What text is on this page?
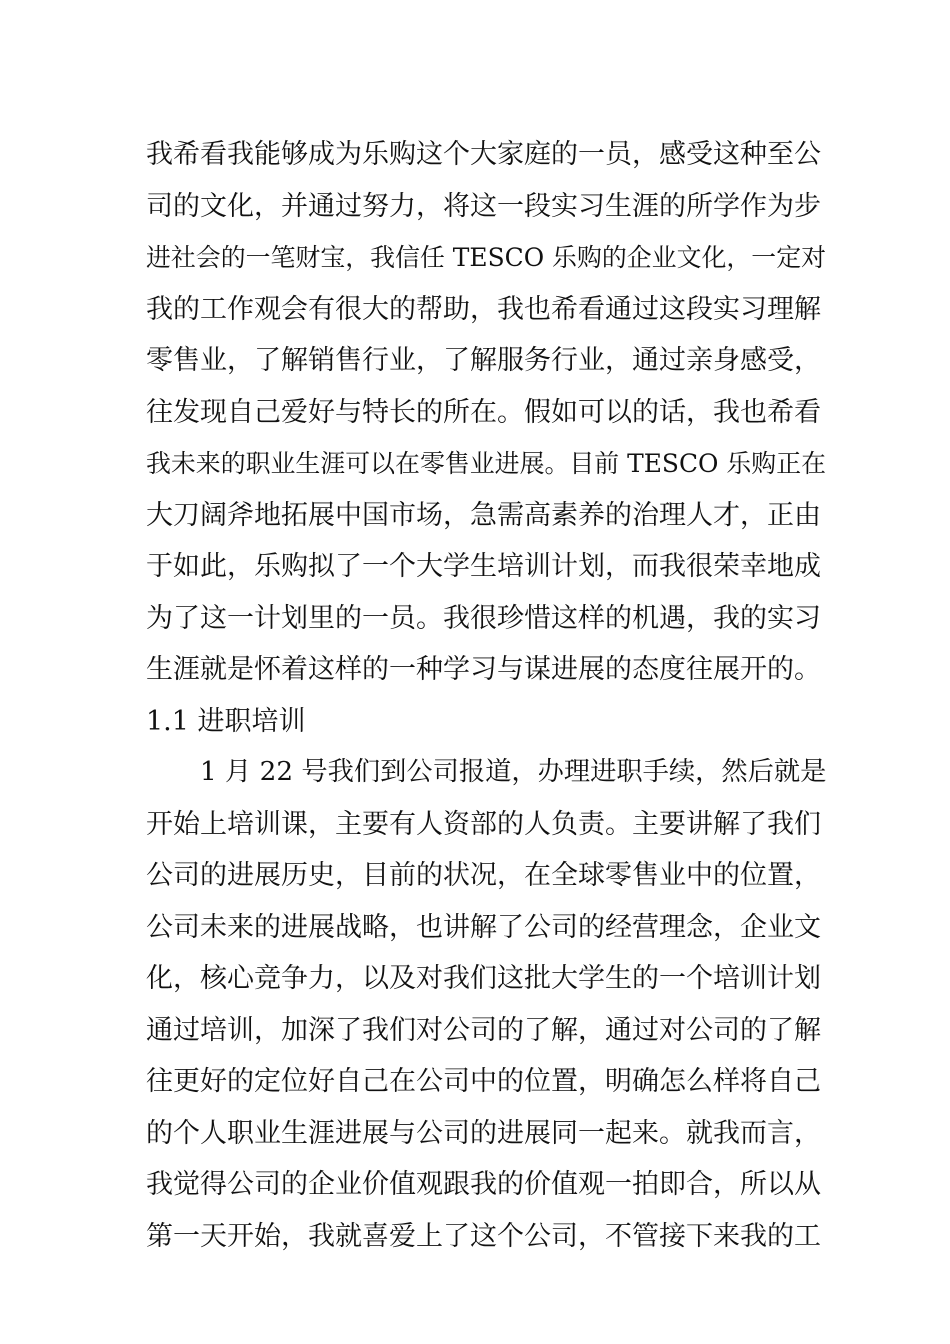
我希看我能够成为乐购这个大家庭的一员，感受这种至公
司的文化，并通过努力，将这一段实习生涯的所学作为步
进社会的一笔财宝，我信任 TESCO 乐购的企业文化，一定对
我的工作观会有很大的帮助，我也希看通过这段实习理解
零售业，了解销售行业，了解服务行业，通过亲身感受，
往发现自己爱好与特长的所在。假如可以的话，我也希看
我未来的职业生涯可以在零售业进展。目前 TESCO 乐购正在
大刀阔斧地拓展中国市场，急需高素养的治理人才，正由
于如此，乐购拟了一个大学生培训计划，而我很荣幸地成
为了这一计划里的一员。我很珍惜这样的机遇，我的实习
生涯就是怀着这样的一种学习与谋进展的态度往展开的。
1.1 进职培训
1 月 22 号我们到公司报道，办理进职手续，然后就是
开始上培训课，主要有人资部的人负责。主要讲解了我们
公司的进展历史，目前的状况，在全球零售业中的位置，
公司未来的进展战略，也讲解了公司的经营理念，企业文
化，核心竞争力，以及对我们这批大学生的一个培训计划
通过培训，加深了我们对公司的了解，通过对公司的了解
往更好的定位好自己在公司中的位置，明确怎么样将自己
的个人职业生涯进展与公司的进展同一起来。就我而言，
我觉得公司的企业价值观跟我的价值观一拍即合，所以从
第一天开始，我就喜爱上了这个公司，不管接下来我的工
